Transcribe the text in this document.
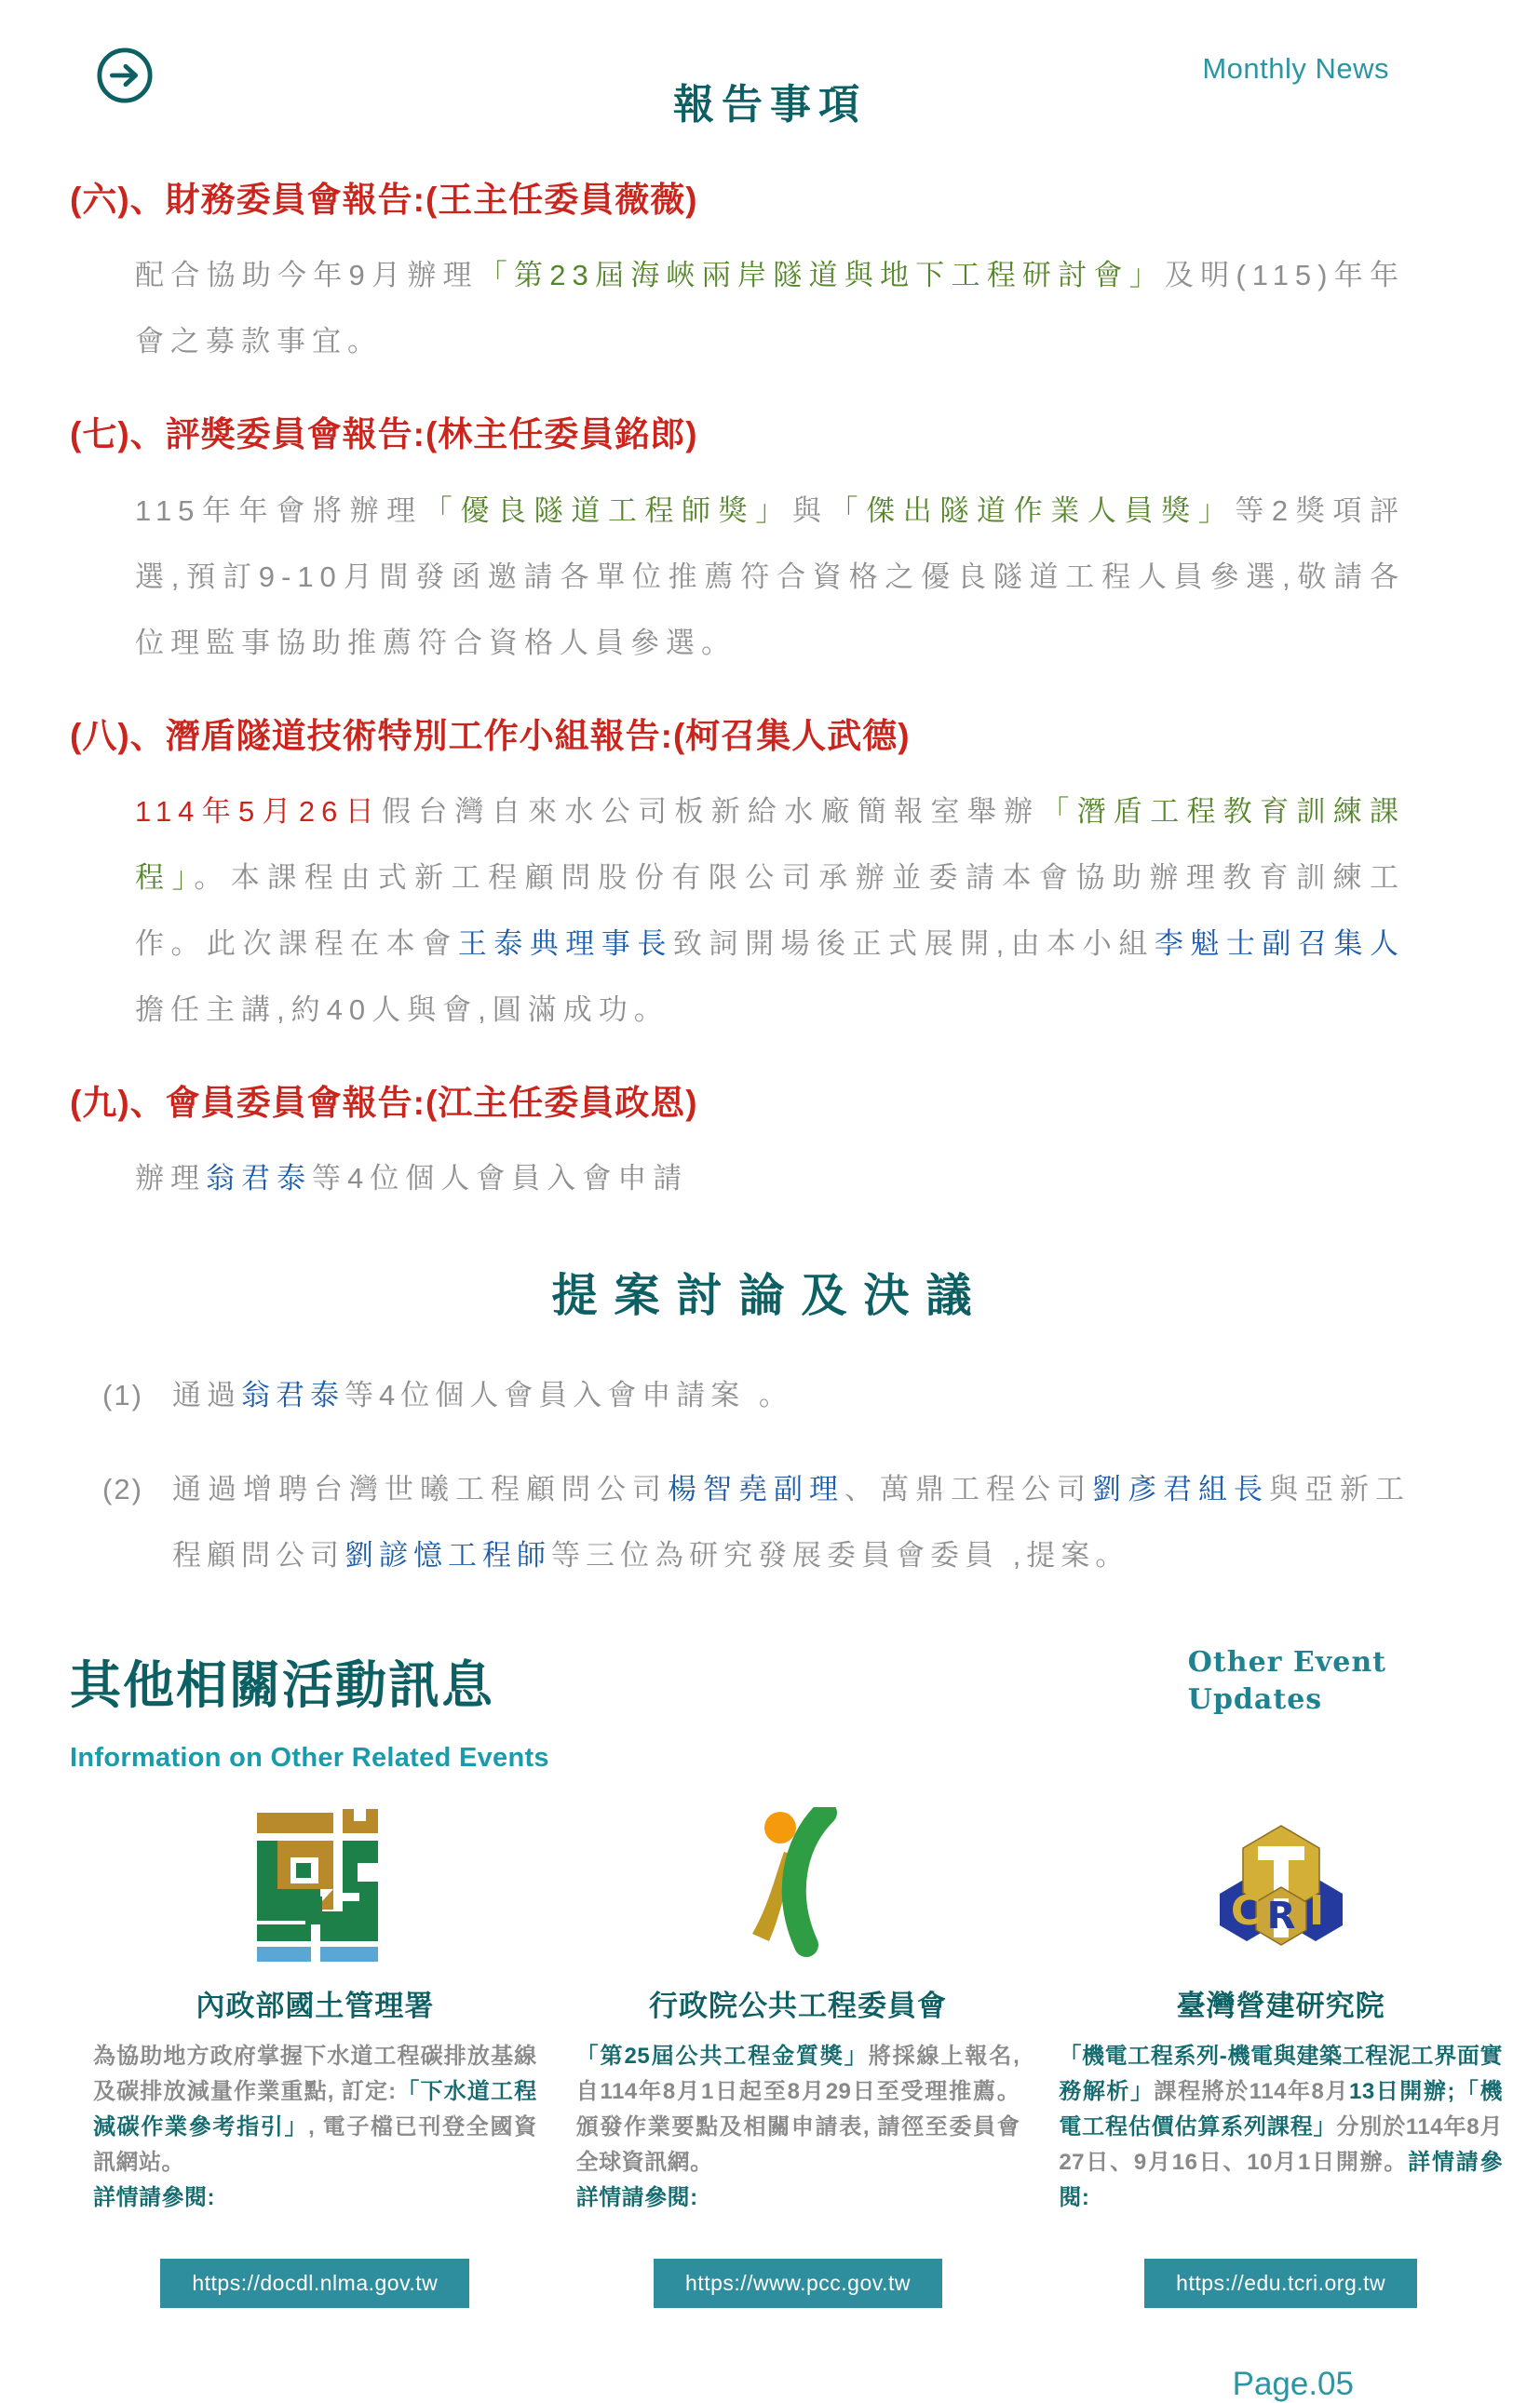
報告事項
Monthly News
(六)、財務委員會報告:(王主任委員薇薇)

配合協助今年9月辦理「第23屆海峽兩岸隧道與地下工程研討會」及明(115)年年會之募款事宜。

(七)、評獎委員會報告:(林主任委員銘郎)

115年年會將辦理「優良隧道工程師獎」與「傑出隧道作業人員獎」等2獎項評選,預訂9-10月間發函邀請各單位推薦符合資格之優良隧道工程人員參選,敬請各位理監事協助推薦符合資格人員參選。

(八)、潛盾隧道技術特別工作小組報告:(柯召集人武德)

114年5月26日假台灣自來水公司板新給水廠簡報室舉辦「潛盾工程教育訓練課程」。本課程由式新工程顧問股份有限公司承辦並委請本會協助辦理教育訓練工作。此次課程在本會王泰典理事長致詞開場後正式展開,由本小組李魁士副召集人擔任主講,約40人與會,圓滿成功。

(九)、會員委員會報告:(江主任委員政恩)

辦理翁君泰等4位個人會員入會申請

提案討論及決議
(1)	通過翁君泰等4位個人會員入會申請案 。
(2)	通過增聘台灣世曦工程顧問公司楊智堯副理、萬鼎工程公司劉彥君組長與亞新工程顧問公司劉諺憶工程師等三位為研究發展委員會委員 ,提案。
其他相關活動訊息	Other Event
Updates
Information on Other Related Events
內政部國土管理署

為協助地方政府掌握下水道工程碳排放基線及碳排放減量作業重點, 訂定:「下水道工程減碳作業參考指引」, 電子檔已刊登全國資訊網站。
詳情請參閱:

https://docdl.nlma.gov.tw
行政院公共工程委員會

「第25屆公共工程金質獎」將採線上報名, 自114年8月1日起至8月29日至受理推薦。頒發作業要點及相關申請表, 請徑至委員會全球資訊網。
詳情請參閱:

https://www.pcc.gov.tw
R
C I
臺灣營建研究院

「機電工程系列-機電與建築工程泥工界面實務解析」課程將於114年8月13日開辦;「機電工程估價估算系列課程」分別於114年8月27日、9月16日、10月1日開辦。詳情請參閱:

https://edu.tcri.org.tw
Page.05
